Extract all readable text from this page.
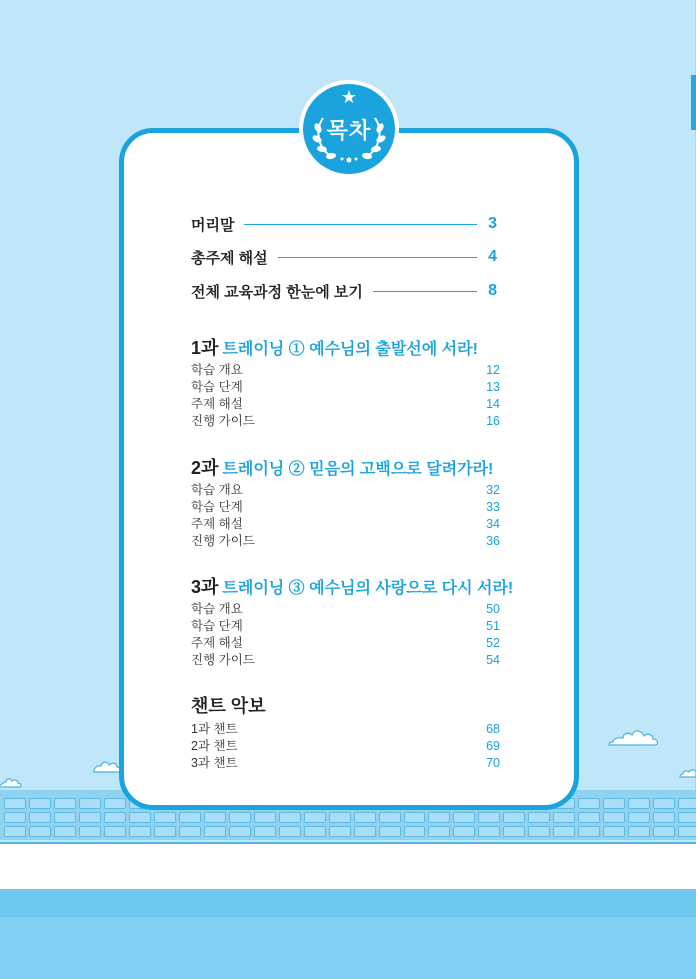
★
목차
머리말	3
총주제 해설	4
전체 교육과정 한눈에 보기	8
1과 트레이닝 ① 예수님의 출발선에 서라!
학습 개요	12
학습 단계	13
주제 해설	14
진행 가이드	16
2과 트레이닝 ② 믿음의 고백으로 달려가라!
학습 개요	32
학습 단계	33
주제 해설	34
진행 가이드	36
3과 트레이닝 ③ 예수님의 사랑으로 다시 서라!
학습 개요	50
학습 단계	51
주제 해설	52
진행 가이드	54
챈트 악보
1과 챈트	68
2과 챈트	69
3과 챈트	70
